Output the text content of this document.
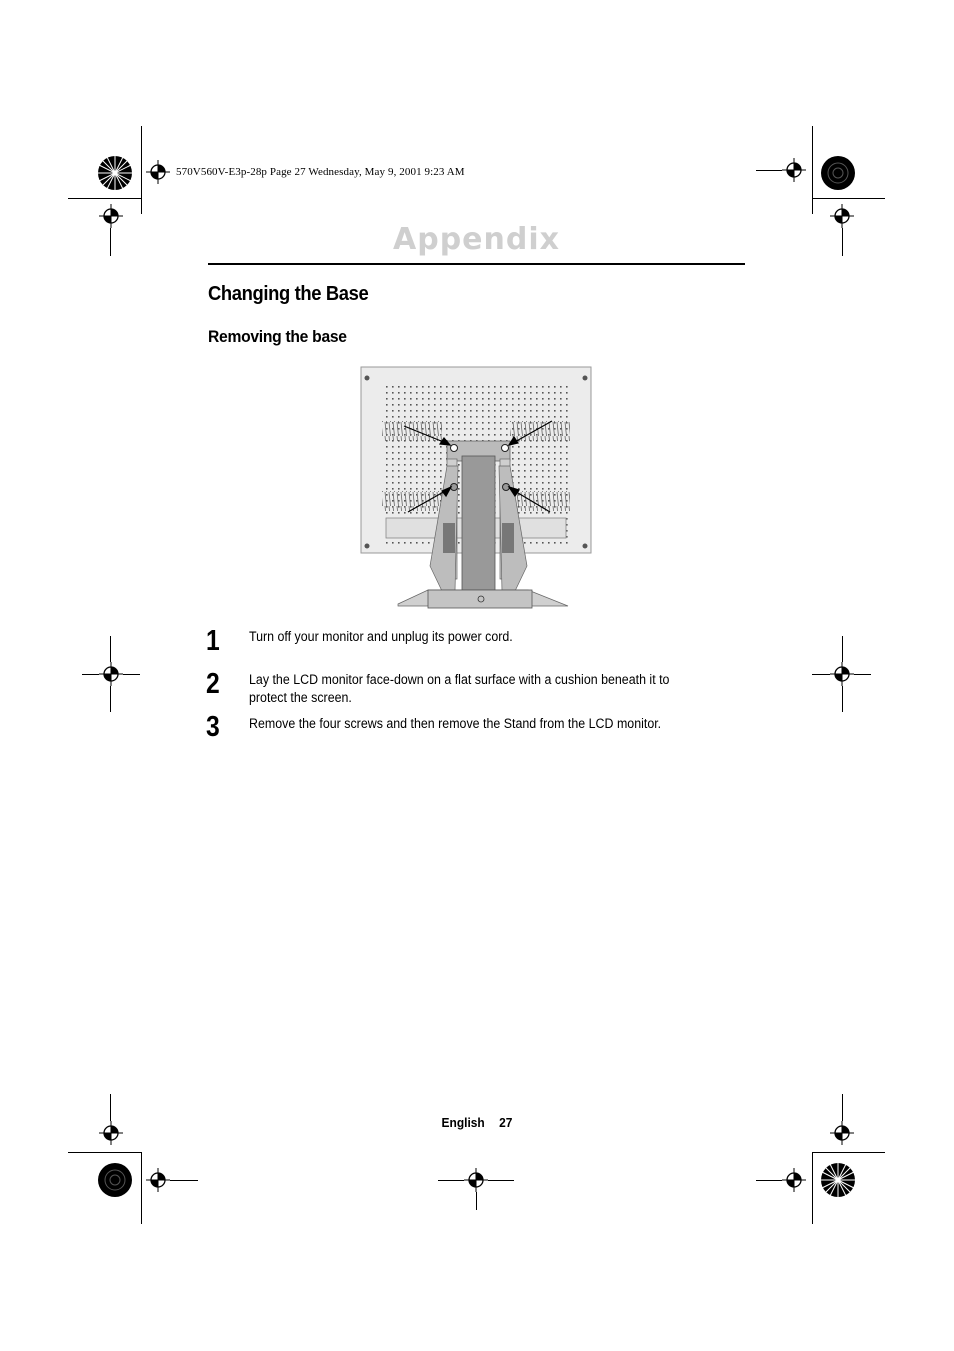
570V560V-E3p-28p Page 27 Wednesday, May 9, 2001 9:23 AM
Appendix
Changing the Base
Removing the base
1 Turn off your monitor and unplug its power cord.
2 Lay the LCD monitor face-down on a flat surface with a cushion beneath it to protect the screen.
3 Remove the four screws and then remove the Stand from the LCD monitor.
English 27
